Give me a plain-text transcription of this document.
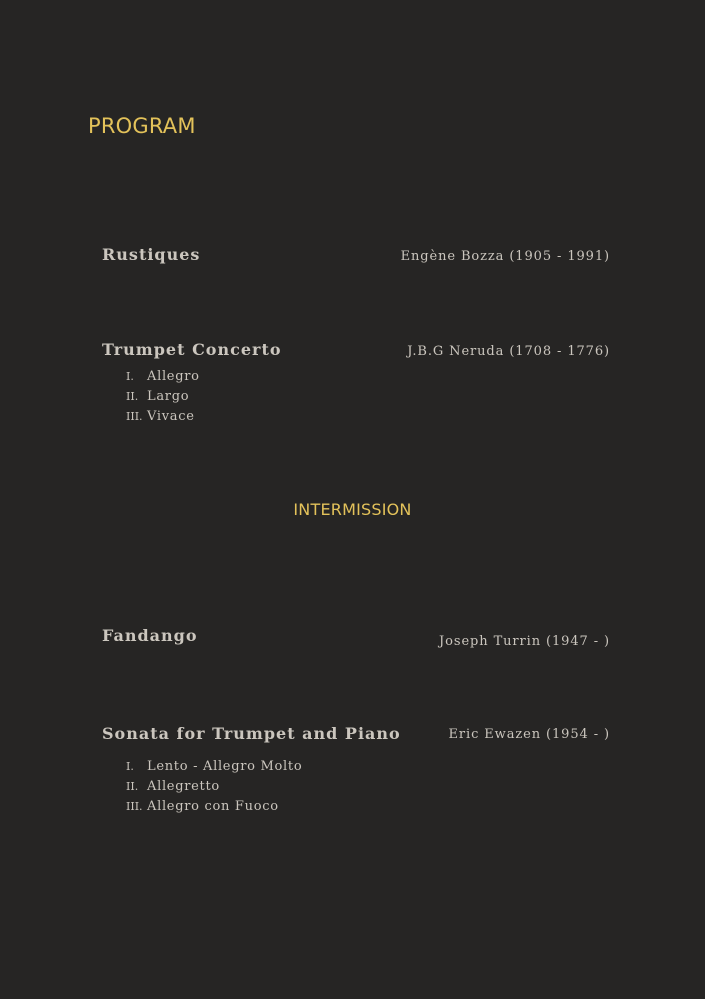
PROGRAM
Rustiques	Engène Bozza (1905 - 1991)
Trumpet Concerto	J.B.G Neruda (1708 - 1776)
I. Allegro
II. Largo
III. Vivace
INTERMISSION
Fandango	Joseph Turrin (1947 - )
Sonata for Trumpet and Piano	Eric Ewazen (1954 - )
I. Lento - Allegro Molto
II. Allegretto
III. Allegro con Fuoco
